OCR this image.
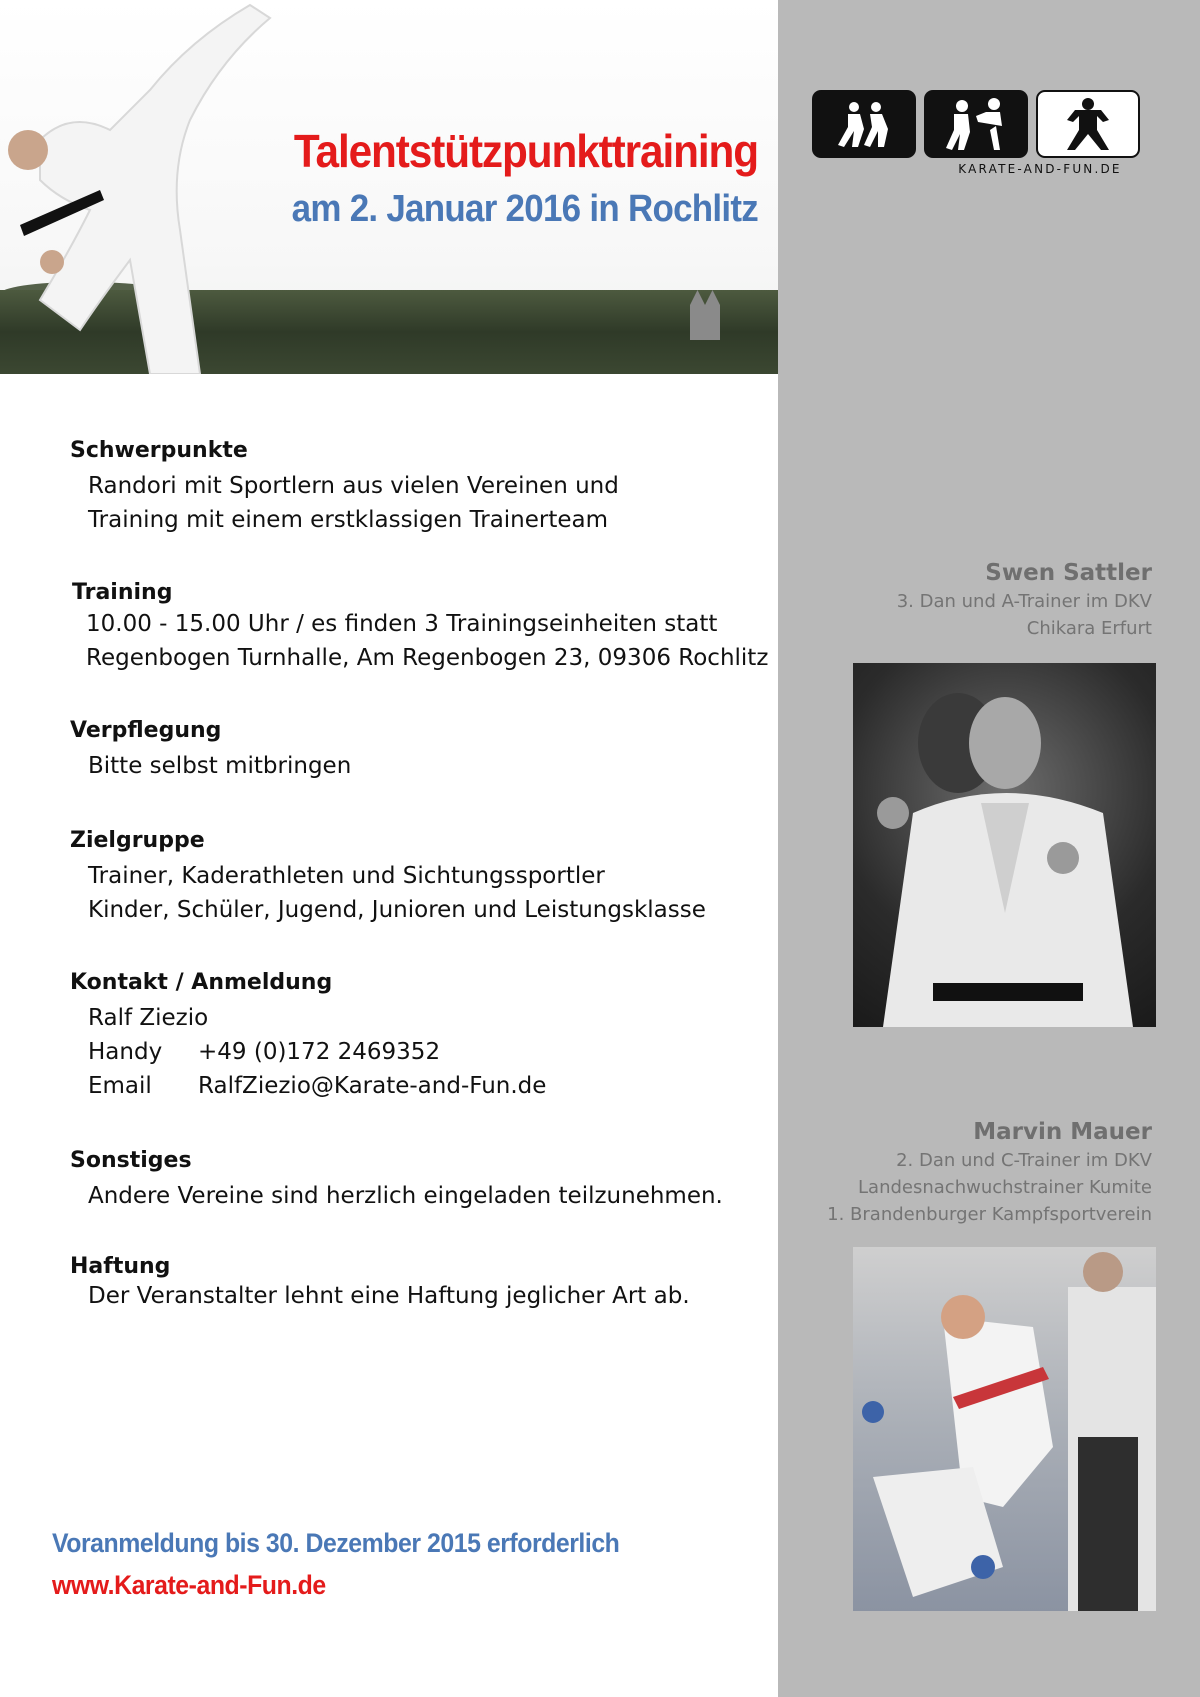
Talentstützpunkttraining
am 2. Januar 2016 in Rochlitz
KARATE-AND-FUN.DE
Schwerpunkte
Randori mit Sportlern aus vielen Vereinen und
Training mit einem erstklassigen Trainerteam
Training
10.00 - 15.00 Uhr / es finden 3 Trainingseinheiten statt
Regenbogen Turnhalle, Am Regenbogen 23, 09306 Rochlitz
Verpflegung
Bitte selbst mitbringen
Zielgruppe
Trainer, Kaderathleten und Sichtungssportler
Kinder, Schüler, Jugend, Junioren und Leistungsklasse
Kontakt / Anmeldung
Ralf Ziezio
Handy	+49 (0)172 2469352
Email	RalfZiezio@Karate-and-Fun.de
Sonstiges
Andere Vereine sind herzlich eingeladen teilzunehmen.
Haftung
Der Veranstalter lehnt eine Haftung jeglicher Art ab.
Voranmeldung bis 30. Dezember 2015 erforderlich
www.Karate-and-Fun.de
Swen Sattler
3. Dan und A-Trainer im DKV
Chikara Erfurt
Marvin Mauer
2. Dan und C-Trainer im DKV
Landesnachwuchstrainer Kumite
1. Brandenburger Kampfsportverein
